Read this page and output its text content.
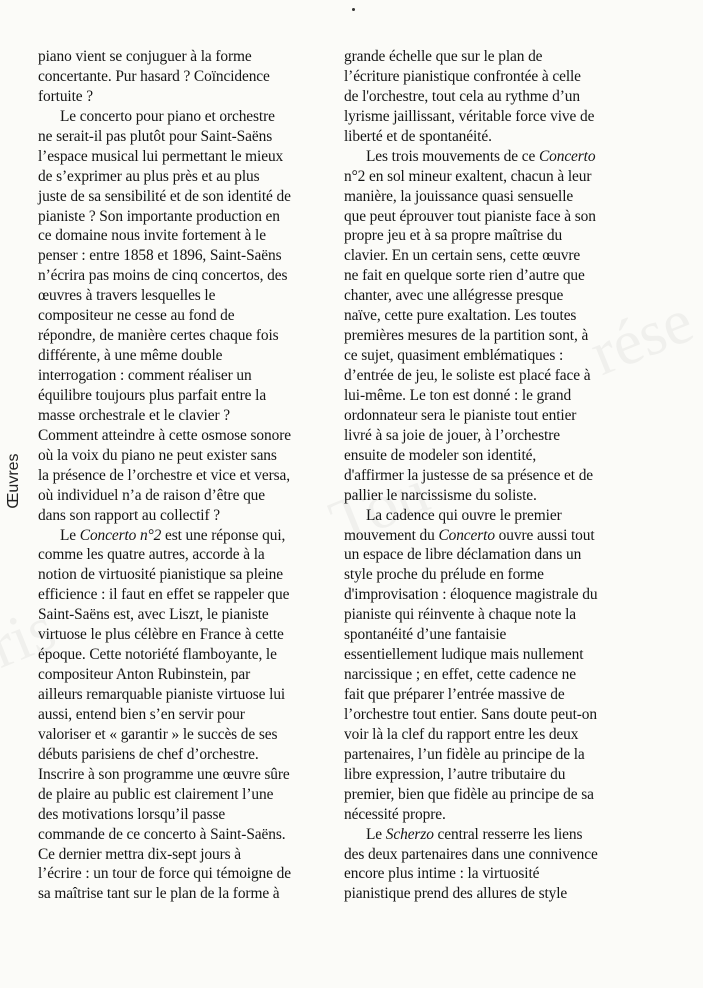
Œuvres
piano vient se conjuguer à la forme
concertante. Pur hasard ? Coïncidence
fortuite ?
Le concerto pour piano et orchestre
ne serait-il pas plutôt pour Saint-Saëns
l’espace musical lui permettant le mieux
de s’exprimer au plus près et au plus
juste de sa sensibilité et de son identité de
pianiste ? Son importante production en
ce domaine nous invite fortement à le
penser : entre 1858 et 1896, Saint-Saëns
n’écrira pas moins de cinq concertos, des
œuvres à travers lesquelles le
compositeur ne cesse au fond de
répondre, de manière certes chaque fois
différente, à une même double
interrogation : comment réaliser un
équilibre toujours plus parfait entre la
masse orchestrale et le clavier ?
Comment atteindre à cette osmose sonore
où la voix du piano ne peut exister sans
la présence de l’orchestre et vice et versa,
où individuel n’a de raison d’être que
dans son rapport au collectif ?
Le Concerto n°2 est une réponse qui,
comme les quatre autres, accorde à la
notion de virtuosité pianistique sa pleine
efficience : il faut en effet se rappeler que
Saint-Saëns est, avec Liszt, le pianiste
virtuose le plus célèbre en France à cette
époque. Cette notoriété flamboyante, le
compositeur Anton Rubinstein, par
ailleurs remarquable pianiste virtuose lui
aussi, entend bien s’en servir pour
valoriser et « garantir » le succès de ses
débuts parisiens de chef d’orchestre.
Inscrire à son programme une œuvre sûre
de plaire au public est clairement l’une
des motivations lorsqu’il passe
commande de ce concerto à Saint-Saëns.
Ce dernier mettra dix-sept jours à
l’écrire : un tour de force qui témoigne de
sa maîtrise tant sur le plan de la forme à
grande échelle que sur le plan de
l’écriture pianistique confrontée à celle
de l'orchestre, tout cela au rythme d’un
lyrisme jaillissant, véritable force vive de
liberté et de spontanéité.
Les trois mouvements de ce Concerto
n°2 en sol mineur exaltent, chacun à leur
manière, la jouissance quasi sensuelle
que peut éprouver tout pianiste face à son
propre jeu et à sa propre maîtrise du
clavier. En un certain sens, cette œuvre
ne fait en quelque sorte rien d’autre que
chanter, avec une allégresse presque
naïve, cette pure exaltation. Les toutes
premières mesures de la partition sont, à
ce sujet, quasiment emblématiques :
d’entrée de jeu, le soliste est placé face à
lui-même. Le ton est donné : le grand
ordonnateur sera le pianiste tout entier
livré à sa joie de jouer, à l’orchestre
ensuite de modeler son identité,
d'affirmer la justesse de sa présence et de
pallier le narcissisme du soliste.
La cadence qui ouvre le premier
mouvement du Concerto ouvre aussi tout
un espace de libre déclamation dans un
style proche du prélude en forme
d'improvisation : éloquence magistrale du
pianiste qui réinvente à chaque note la
spontanéité d’une fantaisie
essentiellement ludique mais nullement
narcissique ; en effet, cette cadence ne
fait que préparer l’entrée massive de
l’orchestre tout entier. Sans doute peut-on
voir là la clef du rapport entre les deux
partenaires, l’un fidèle au principe de la
libre expression, l’autre tributaire du
premier, bien que fidèle au principe de sa
nécessité propre.
Le Scherzo central resserre les liens
des deux partenaires dans une connivence
encore plus intime : la virtuosité
pianistique prend des allures de style
